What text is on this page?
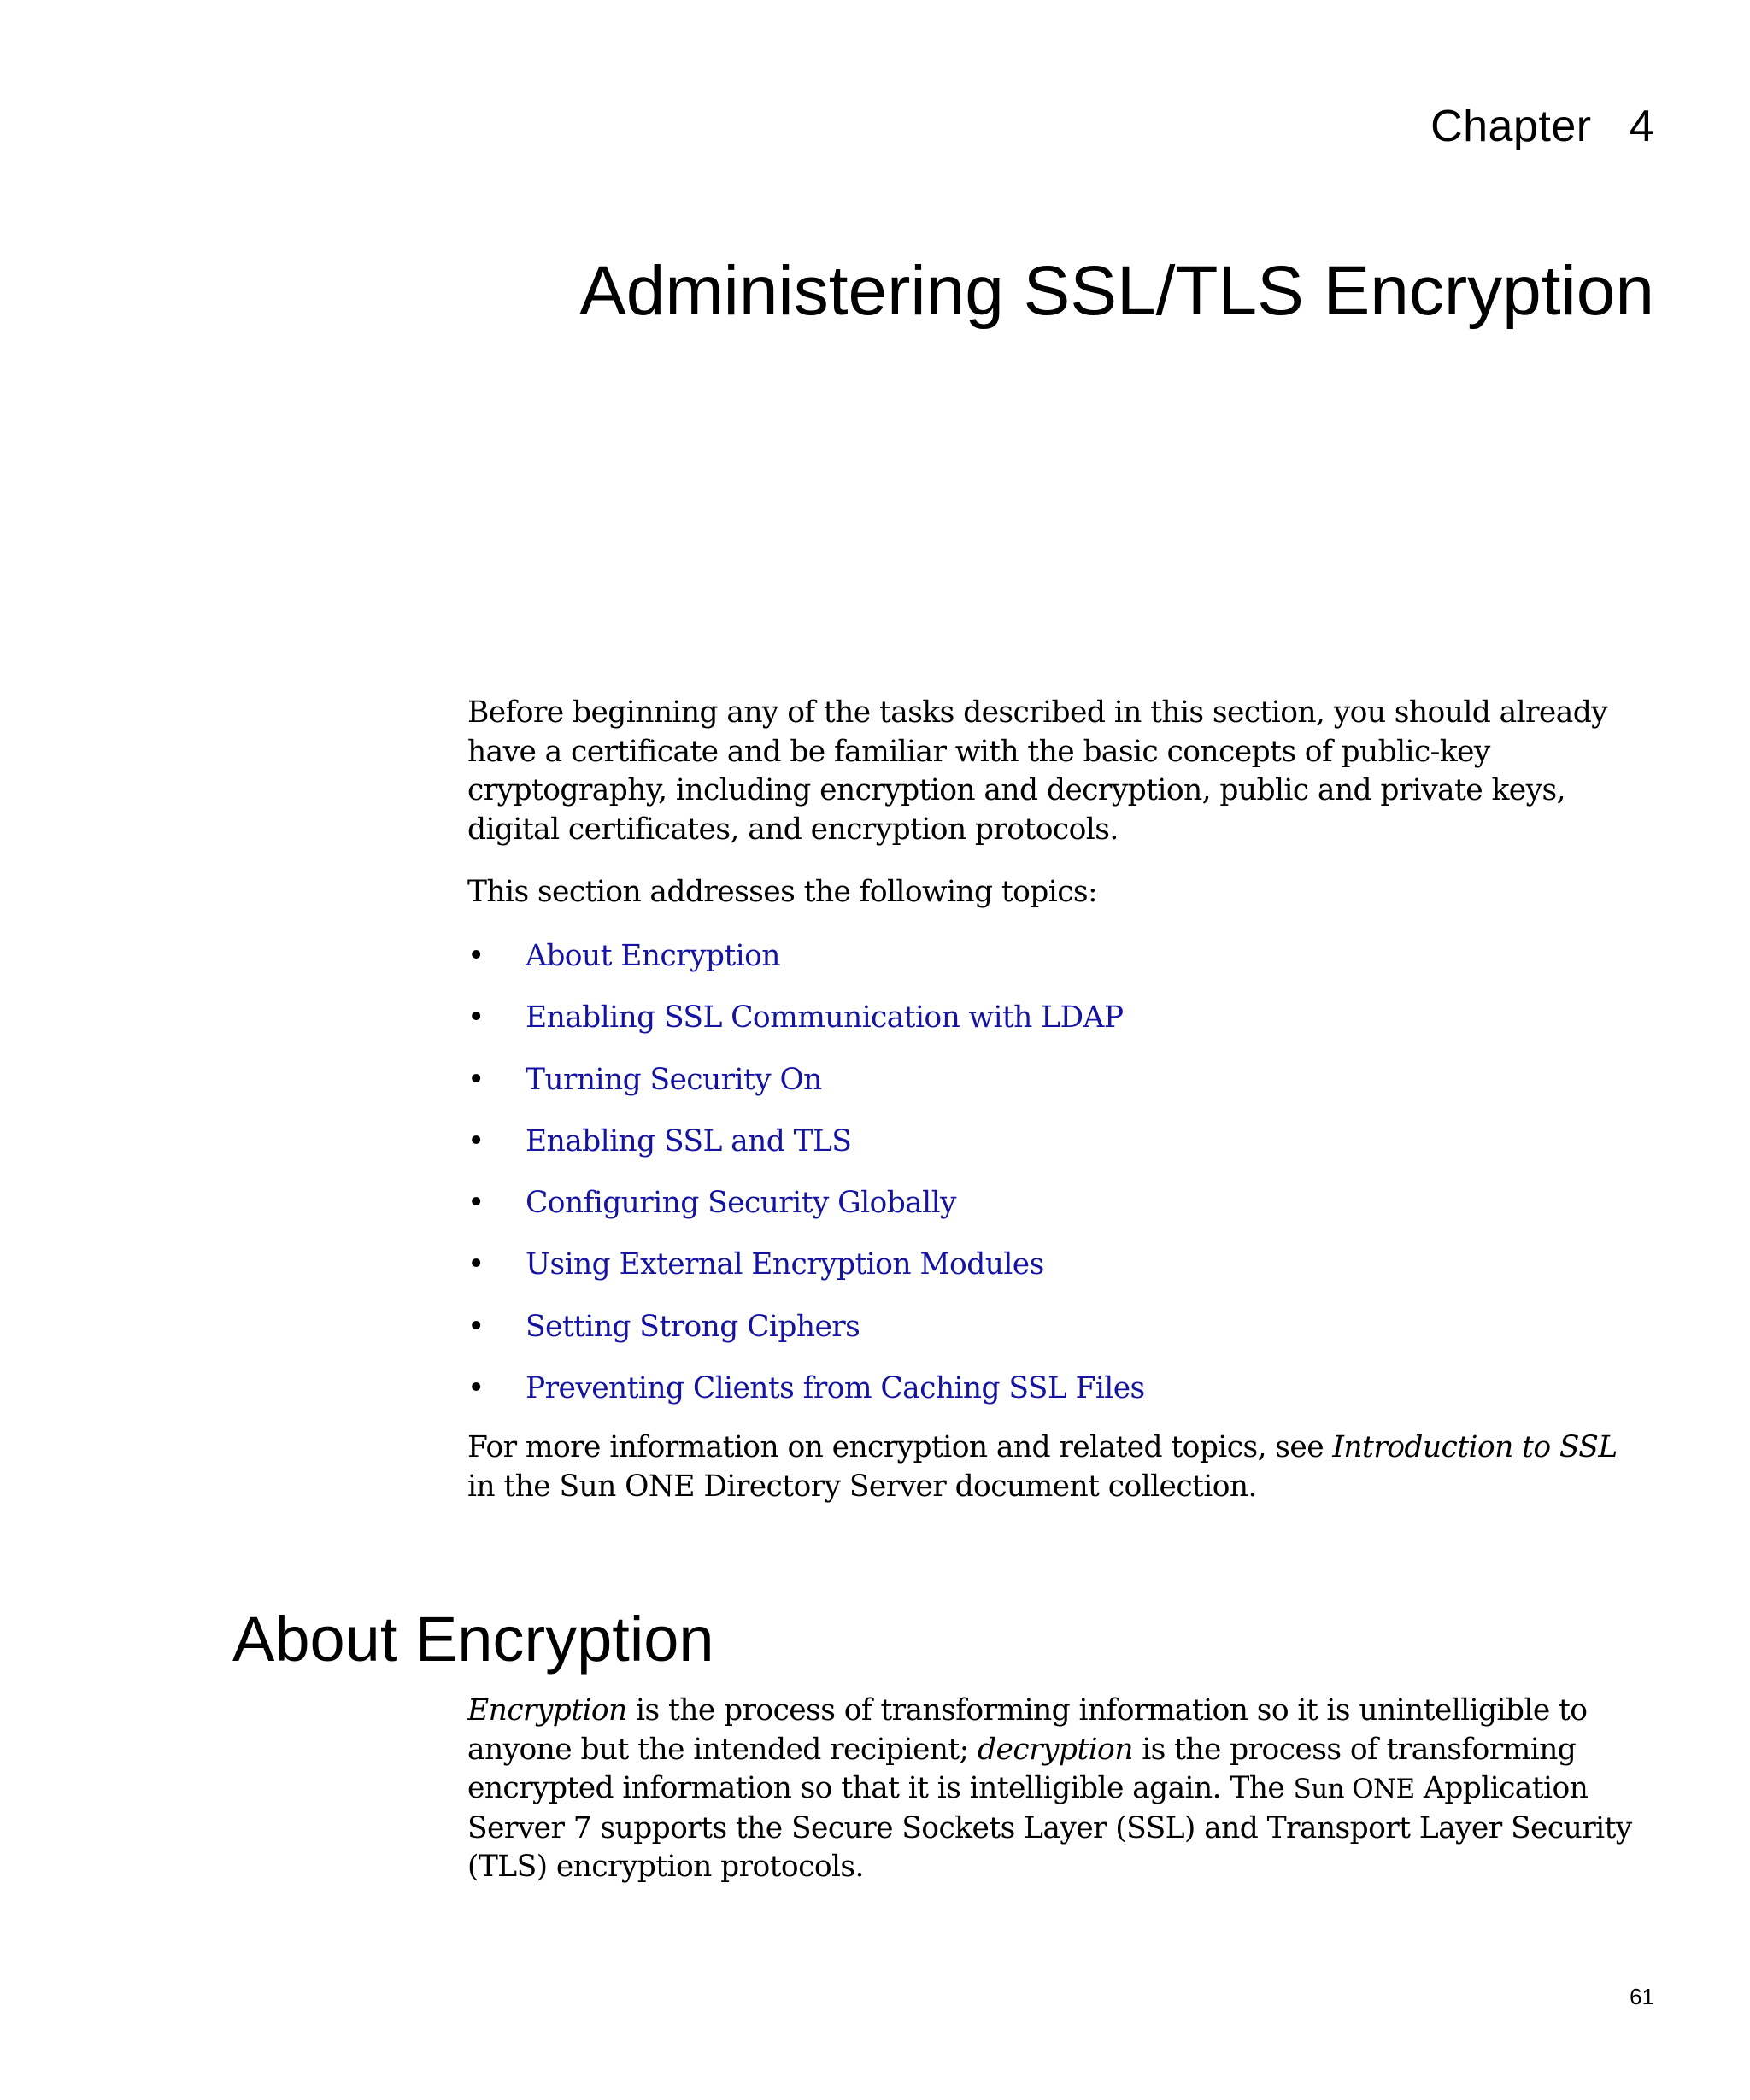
Chapter 4
Administering SSL/TLS Encryption

Before beginning any of the tasks described in this section, you should already have a certificate and be familiar with the basic concepts of public-key cryptography, including encryption and decryption, public and private keys, digital certificates, and encryption protocols.

This section addresses the following topics:

• About Encryption
• Enabling SSL Communication with LDAP
• Turning Security On
• Enabling SSL and TLS
• Configuring Security Globally
• Using External Encryption Modules
• Setting Strong Ciphers
• Preventing Clients from Caching SSL Files

For more information on encryption and related topics, see Introduction to SSL in the Sun ONE Directory Server document collection.

About Encryption

Encryption is the process of transforming information so it is unintelligible to anyone but the intended recipient; decryption is the process of transforming encrypted information so that it is intelligible again. The Sun ONE Application Server 7 supports the Secure Sockets Layer (SSL) and Transport Layer Security (TLS) encryption protocols.

61
